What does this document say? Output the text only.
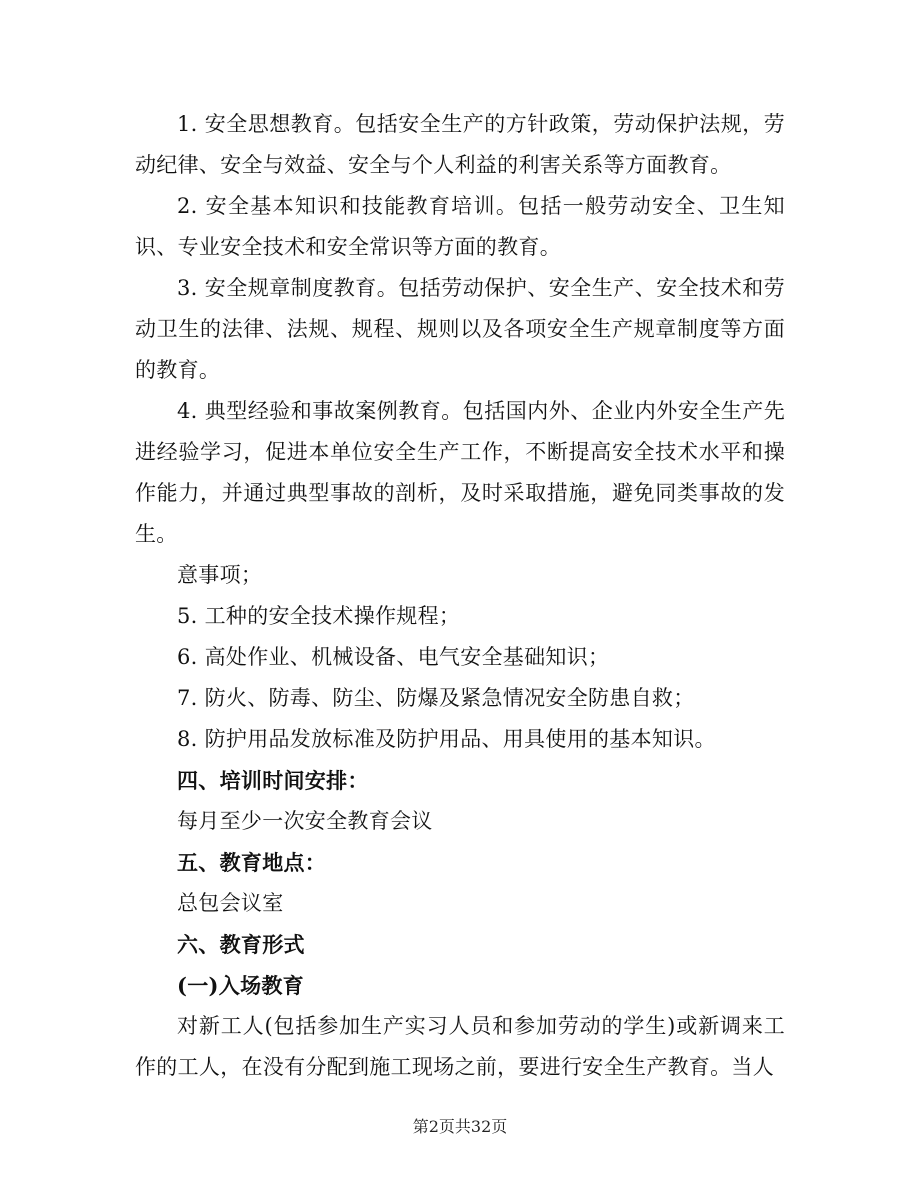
1. 安全思想教育。包括安全生产的方针政策，劳动保护法规，劳动纪律、安全与效益、安全与个人利益的利害关系等方面教育。

2. 安全基本知识和技能教育培训。包括一般劳动安全、卫生知识、专业安全技术和安全常识等方面的教育。

3. 安全规章制度教育。包括劳动保护、安全生产、安全技术和劳动卫生的法律、法规、规程、规则以及各项安全生产规章制度等方面的教育。

4. 典型经验和事故案例教育。包括国内外、企业内外安全生产先进经验学习，促进本单位安全生产工作，不断提高安全技术水平和操作能力，并通过典型事故的剖析，及时采取措施，避免同类事故的发生。

意事项；

5. 工种的安全技术操作规程；

6. 高处作业、机械设备、电气安全基础知识；

7. 防火、防毒、防尘、防爆及紧急情况安全防患自救；

8. 防护用品发放标准及防护用品、用具使用的基本知识。

四、培训时间安排：

每月至少一次安全教育会议

五、教育地点：

总包会议室

六、教育形式

(一)入场教育

对新工人(包括参加生产实习人员和参加劳动的学生)或新调来工作的工人，在没有分配到施工现场之前，要进行安全生产教育。当人

第2页共32页
